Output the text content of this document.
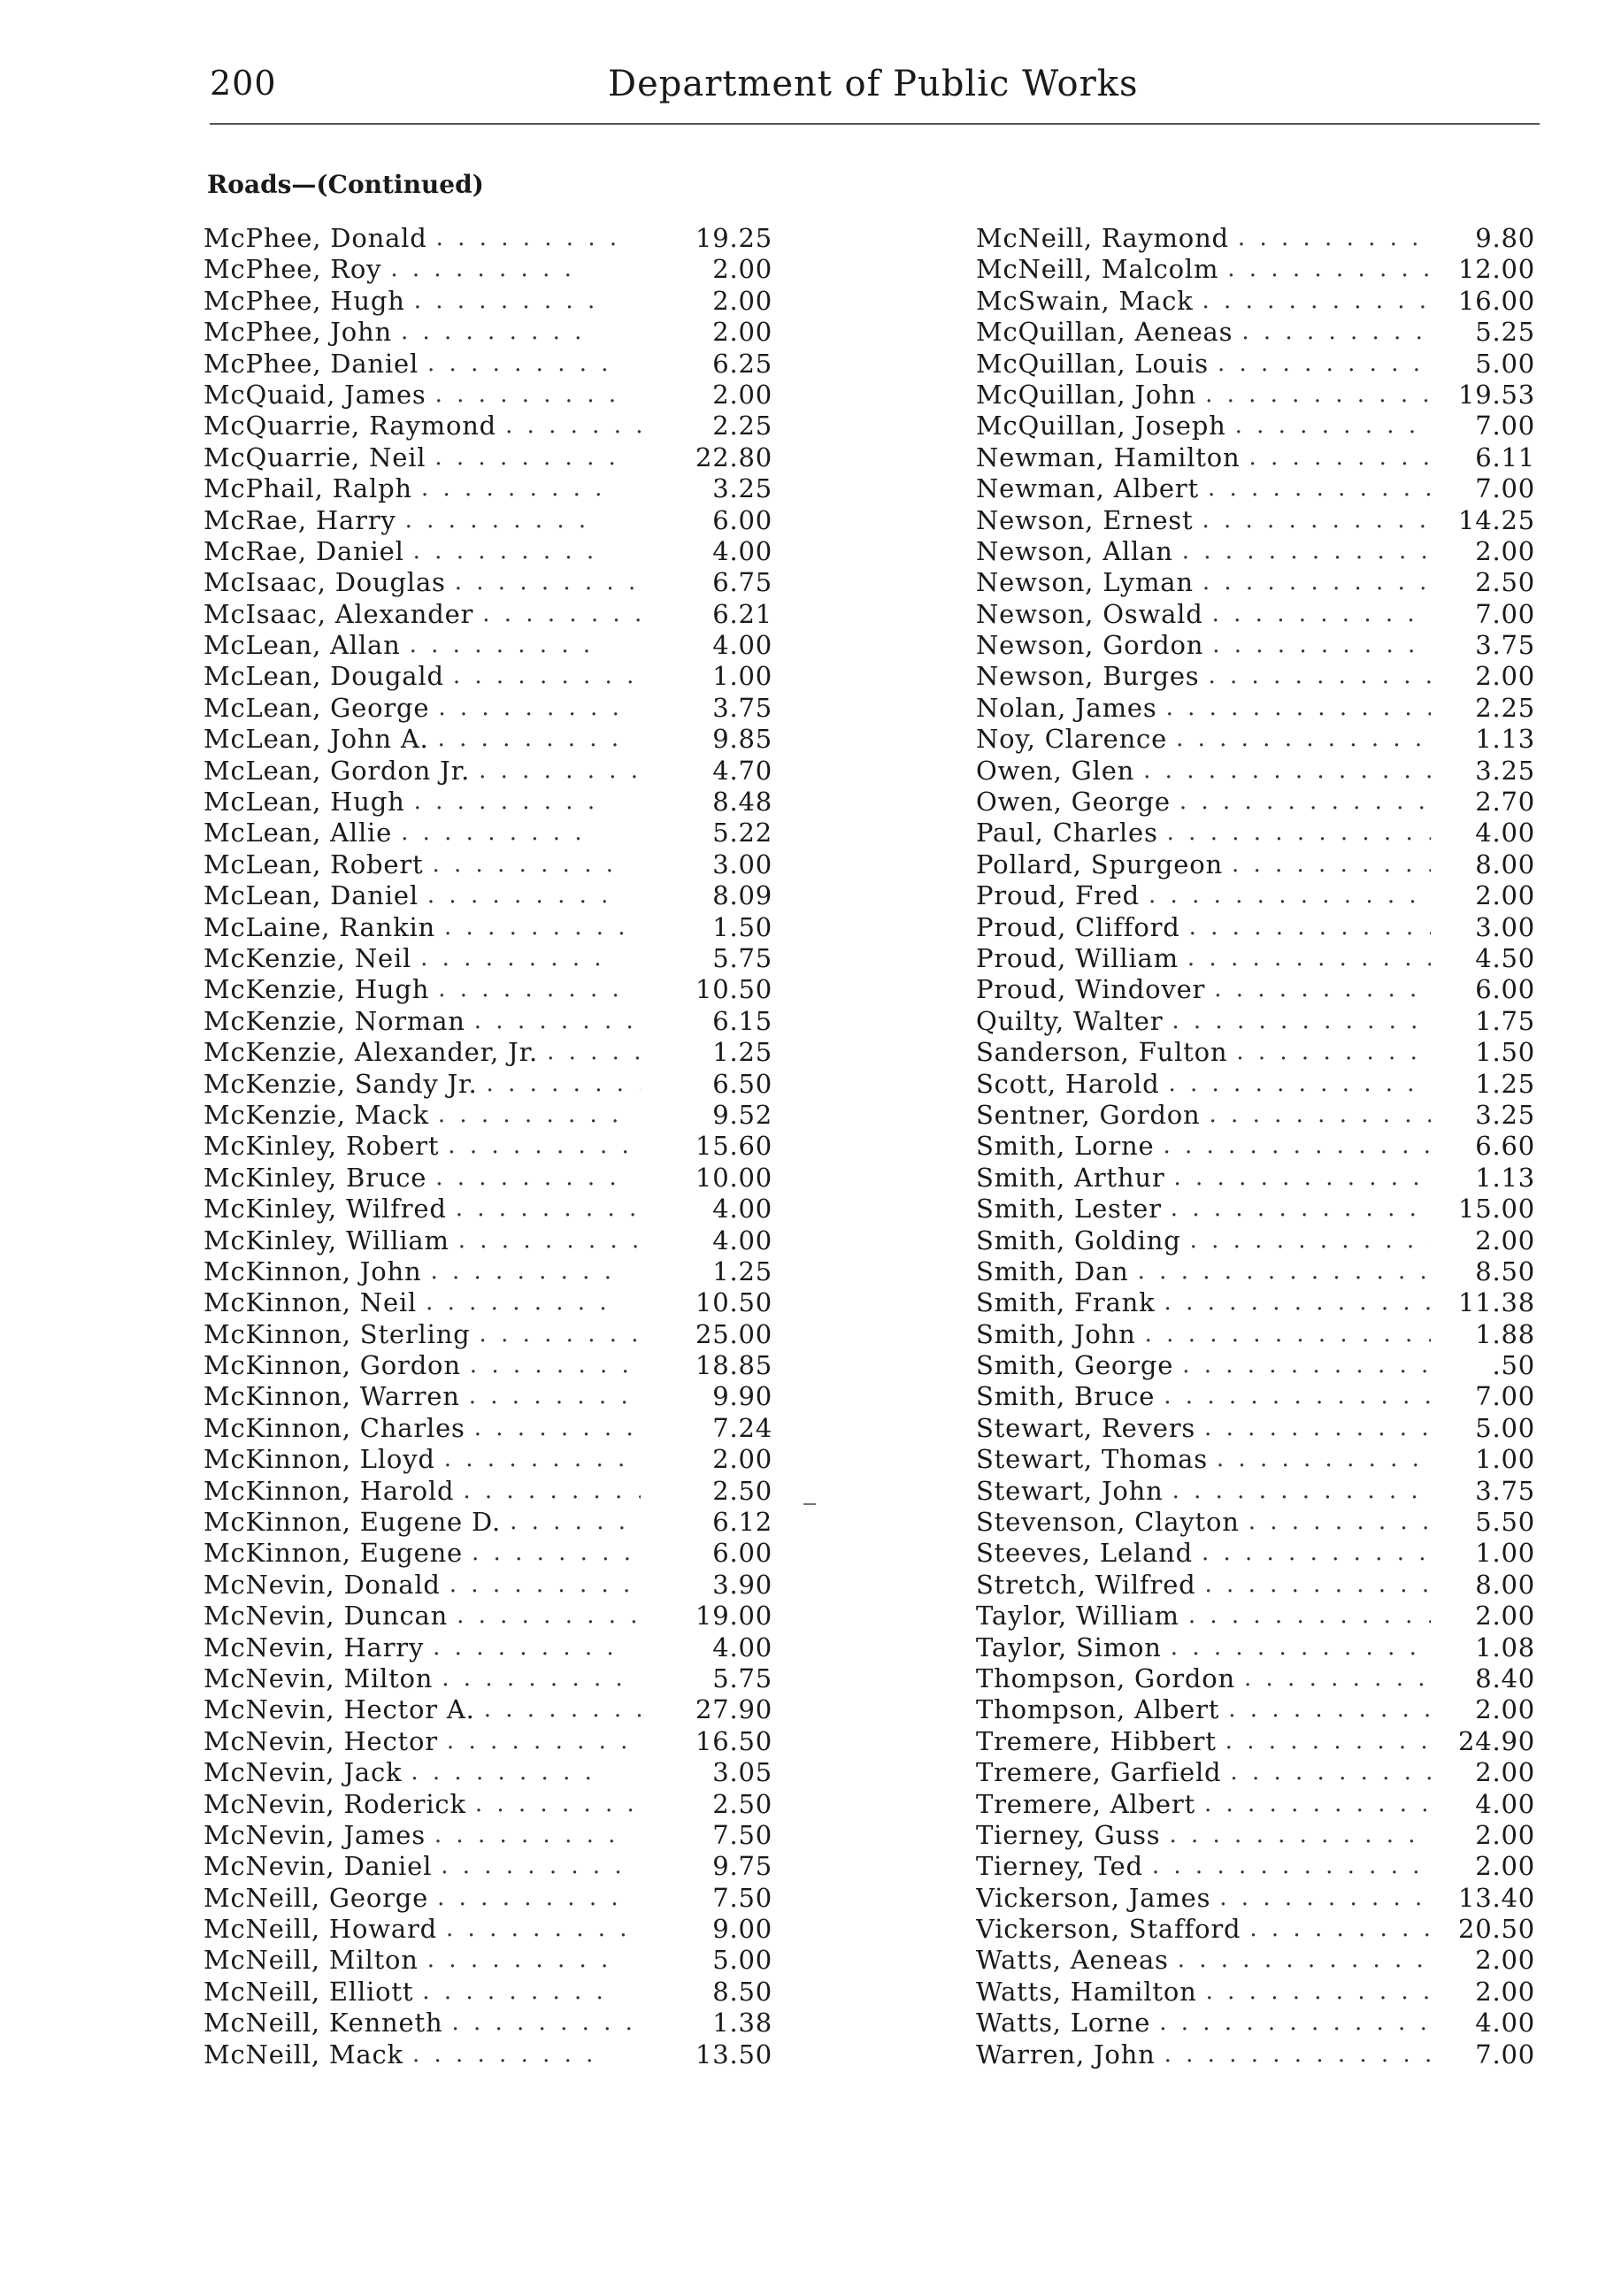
200	Department of Public Works
Roads—(Continued)
McPhee, Donald . . .	19.25
McPhee, Roy . . .	2.00
McPhee, Hugh . . .	2.00
McPhee, John . . .	2.00
McPhee, Daniel . . .	6.25
McQuaid, James . . .	2.00
McQuarrie, Raymond . . .	2.25
McQuarrie, Neil . . .	22.80
McPhail, Ralph . . .	3.25
McRae, Harry . . .	6.00
McRae, Daniel . . .	4.00
McIsaac, Douglas . . .	6.75
McIsaac, Alexander . . .	6.21
McLean, Allan . . .	4.00
McLean, Dougald . . .	1.00
McLean, George . . .	3.75
McLean, John A. . . .	9.85
McLean, Gordon Jr. . . .	4.70
McLean, Hugh . . .	8.48
McLean, Allie . . .	5.22
McLean, Robert . . .	3.00
McLean, Daniel . . .	8.09
McLaine, Rankin . . .	1.50
McKenzie, Neil . . .	5.75
McKenzie, Hugh . . .	10.50
McKenzie, Norman . . .	6.15
McKenzie, Alexander, Jr. . . .	1.25
McKenzie, Sandy Jr. . . .	6.50
McKenzie, Mack . . .	9.52
McKinley, Robert . . .	15.60
McKinley, Bruce . . .	10.00
McKinley, Wilfred . . .	4.00
McKinley, William . . .	4.00
McKinnon, John . . .	1.25
McKinnon, Neil . . .	10.50
McKinnon, Sterling . . .	25.00
McKinnon, Gordon . . .	18.85
McKinnon, Warren . . .	9.90
McKinnon, Charles . . .	7.24
McKinnon, Lloyd . . .	2.00
McKinnon, Harold . . .	2.50
McKinnon, Eugene D. . . .	6.12
McKinnon, Eugene . . .	6.00
McNevin, Donald . . .	3.90
McNevin, Duncan . . .	19.00
McNevin, Harry . . .	4.00
McNevin, Milton . . .	5.75
McNevin, Hector A. . . .	27.90
McNevin, Hector . . .	16.50
McNevin, Jack . . .	3.05
McNevin, Roderick . . .	2.50
McNevin, James . . .	7.50
McNevin, Daniel . . .	9.75
McNeill, George . . .	7.50
McNeill, Howard . . .	9.00
McNeill, Milton . . .	5.00
McNeill, Elliott . . .	8.50
McNeill, Kenneth . . .	1.38
McNeill, Mack . . .	13.50
McNeill, Raymond . . .	9.80
McNeill, Malcolm . . .	12.00
McSwain, Mack . . .	16.00
McQuillan, Aeneas . . .	5.25
McQuillan, Louis . . .	5.00
McQuillan, John . . .	19.53
McQuillan, Joseph . . .	7.00
Newman, Hamilton . . .	6.11
Newman, Albert . . .	7.00
Newson, Ernest . . .	14.25
Newson, Allan . . .	2.00
Newson, Lyman . . .	2.50
Newson, Oswald . . .	7.00
Newson, Gordon . . .	3.75
Newson, Burges . . .	2.00
Nolan, James . . .	2.25
Noy, Clarence . . .	1.13
Owen, Glen . . .	3.25
Owen, George . . .	2.70
Paul, Charles . . .	4.00
Pollard, Spurgeon . . .	8.00
Proud, Fred . . .	2.00
Proud, Clifford . . .	3.00
Proud, William . . .	4.50
Proud, Windover . . .	6.00
Quilty, Walter . . .	1.75
Sanderson, Fulton . . .	1.50
Scott, Harold . . .	1.25
Sentner, Gordon . . .	3.25
Smith, Lorne . . .	6.60
Smith, Arthur . . .	1.13
Smith, Lester . . .	15.00
Smith, Golding . . .	2.00
Smith, Dan . . .	8.50
Smith, Frank . . .	11.38
Smith, John . . .	1.88
Smith, George . . .	.50
Smith, Bruce . . .	7.00
Stewart, Revers . . .	5.00
Stewart, Thomas . . .	1.00
Stewart, John . . .	3.75
Stevenson, Clayton . . .	5.50
Steeves, Leland . . .	1.00
Stretch, Wilfred . . .	8.00
Taylor, William . . .	2.00
Taylor, Simon . . .	1.08
Thompson, Gordon . . .	8.40
Thompson, Albert . . .	2.00
Tremere, Hibbert . . .	24.90
Tremere, Garfield . . .	2.00
Tremere, Albert . . .	4.00
Tierney, Guss . . .	2.00
Tierney, Ted . . .	2.00
Vickerson, James . . .	13.40
Vickerson, Stafford . . .	20.50
Watts, Aeneas . . .	2.00
Watts, Hamilton . . .	2.00
Watts, Lorne . . .	4.00
Warren, John . . .	7.00
